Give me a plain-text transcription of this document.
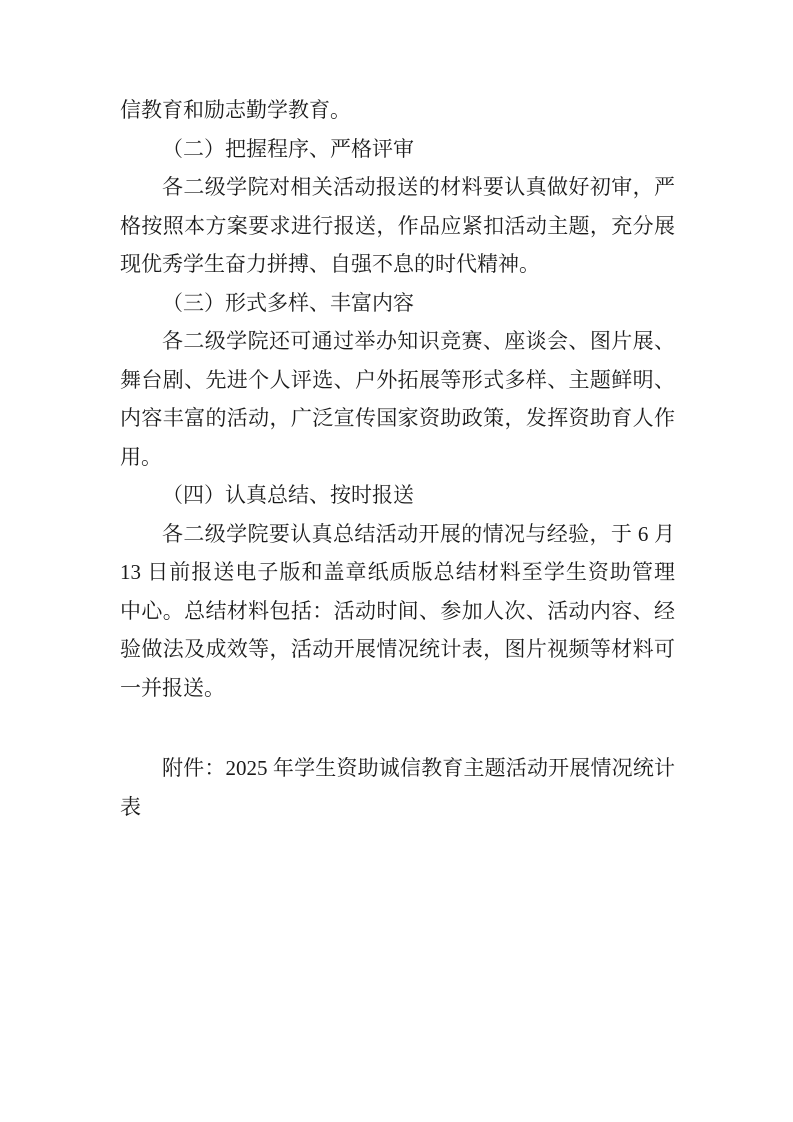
信教育和励志勤学教育。
（二）把握程序、严格评审
各二级学院对相关活动报送的材料要认真做好初审，严
格按照本方案要求进行报送，作品应紧扣活动主题，充分展
现优秀学生奋力拼搏、自强不息的时代精神。
（三）形式多样、丰富内容
各二级学院还可通过举办知识竞赛、座谈会、图片展、
舞台剧、先进个人评选、户外拓展等形式多样、主题鲜明、
内容丰富的活动，广泛宣传国家资助政策，发挥资助育人作
用。
（四）认真总结、按时报送
各二级学院要认真总结活动开展的情况与经验，于 6 月
13 日前报送电子版和盖章纸质版总结材料至学生资助管理
中心。总结材料包括：活动时间、参加人次、活动内容、经
验做法及成效等，活动开展情况统计表，图片视频等材料可
一并报送。
附件：2025 年学生资助诚信教育主题活动开展情况统计
表
